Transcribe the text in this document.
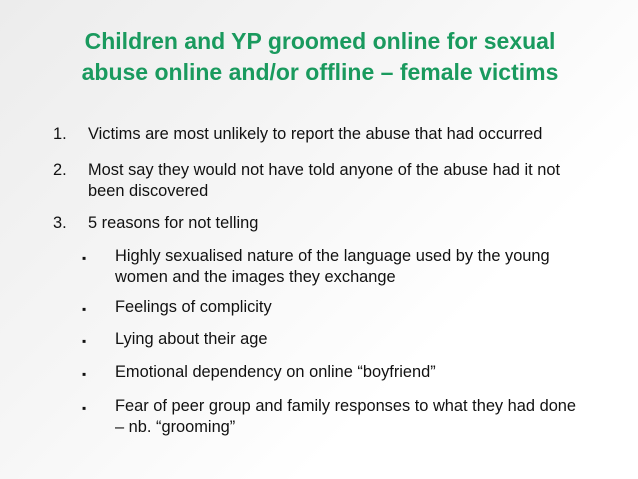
Children and YP groomed online for sexual
abuse online and/or offline – female victims
1. Victims are most unlikely to report the abuse that had occurred
2. Most say they would not have told anyone of the abuse had it not been discovered
3. 5 reasons for not telling
▪ Highly sexualised nature of the language used by the young women and the images they exchange
▪ Feelings of complicity
▪ Lying about their age
▪ Emotional dependency on online “boyfriend”
▪ Fear of peer group and family responses to what they had done – nb. “grooming”
